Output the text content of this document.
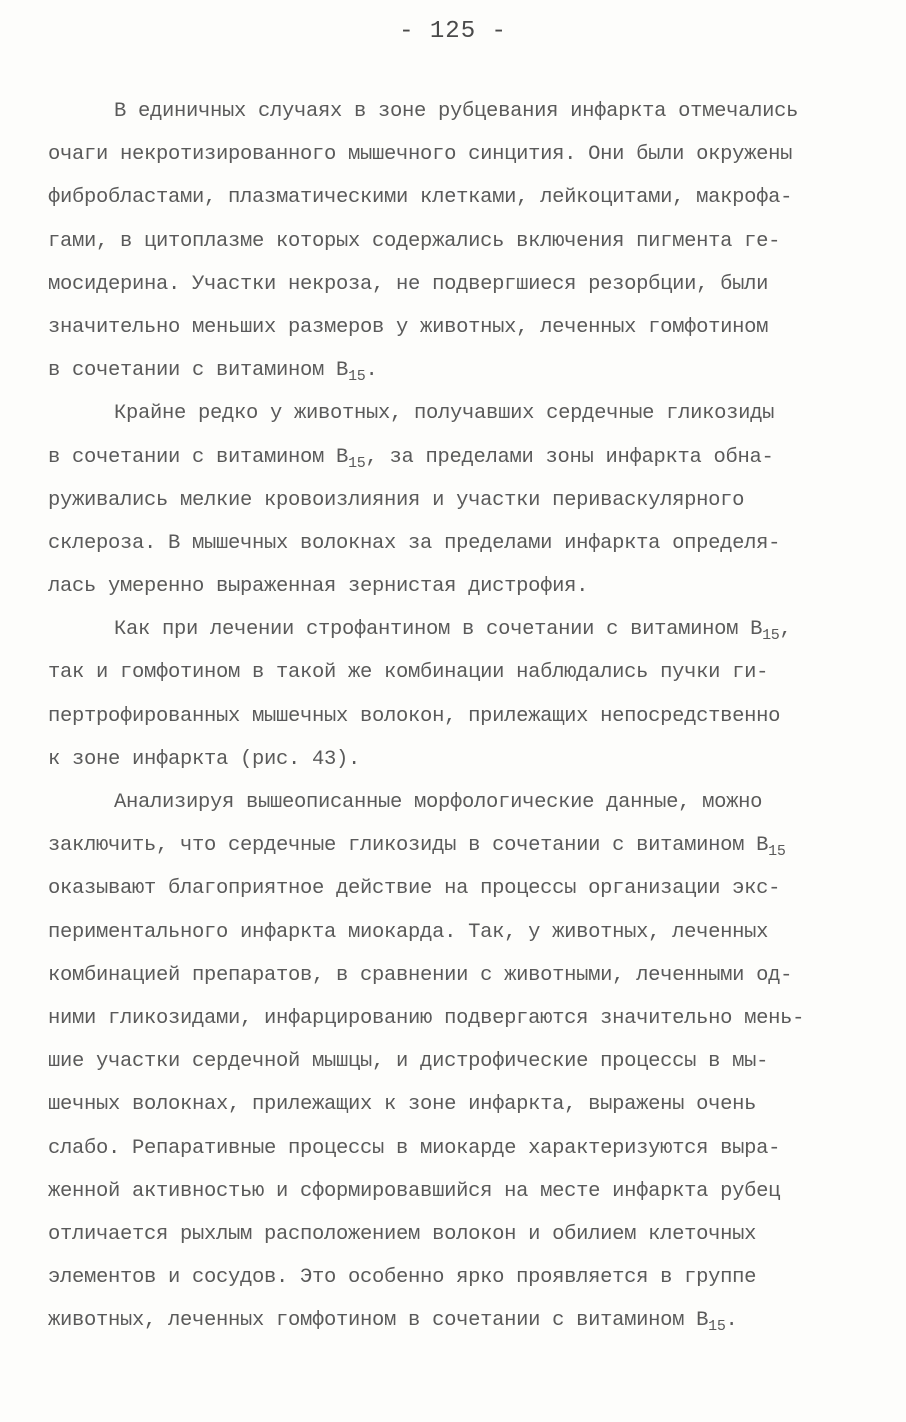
- 125 -
В единичных случаях в зоне рубцевания инфаркта отмечались
очаги некротизированного мышечного синцития. Они были окружены
фибробластами, плазматическими клетками, лейкоцитами, макрофа-
гами, в цитоплазме которых содержались включения пигмента ге-
мосидерина. Участки некроза, не подвергшиеся резорбции, были
значительно меньших размеров у животных, леченных гомфотином
в сочетании с витамином $B_{15}$.
Крайне редко у животных, получавших сердечные гликозиды
в сочетании с витамином $B_{15}$, за пределами зоны инфаркта обна-
руживались мелкие кровоизлияния и участки периваскулярного
склероза. В мышечных волокнах за пределами инфаркта определя-
лась умеренно выраженная зернистая дистрофия.
Как при лечении строфантином в сочетании с витамином $B_{15}$,
так и гомфотином в такой же комбинации наблюдались пучки ги-
пертрофированных мышечных волокон, прилежащих непосредственно
к зоне инфаркта (рис. 43).
Анализируя вышеописанные морфологические данные, можно
заключить, что сердечные гликозиды в сочетании с витамином $B_{15}$
оказывают благоприятное действие на процессы организации экс-
периментального инфаркта миокарда. Так, у животных, леченных
комбинацией препаратов, в сравнении с животными, леченными од-
ними гликозидами, инфарцированию подвергаются значительно мень-
шие участки сердечной мышцы, и дистрофические процессы в мы-
шечных волокнах, прилежащих к зоне инфаркта, выражены очень
слабо. Репаративные процессы в миокарде характеризуются выра-
женной активностью и сформировавшийся на месте инфаркта рубец
отличается рыхлым расположением волокон и обилием клеточных
элементов и сосудов. Это особенно ярко проявляется в группе
животных, леченных гомфотином в сочетании с витамином $B_{15}$.
